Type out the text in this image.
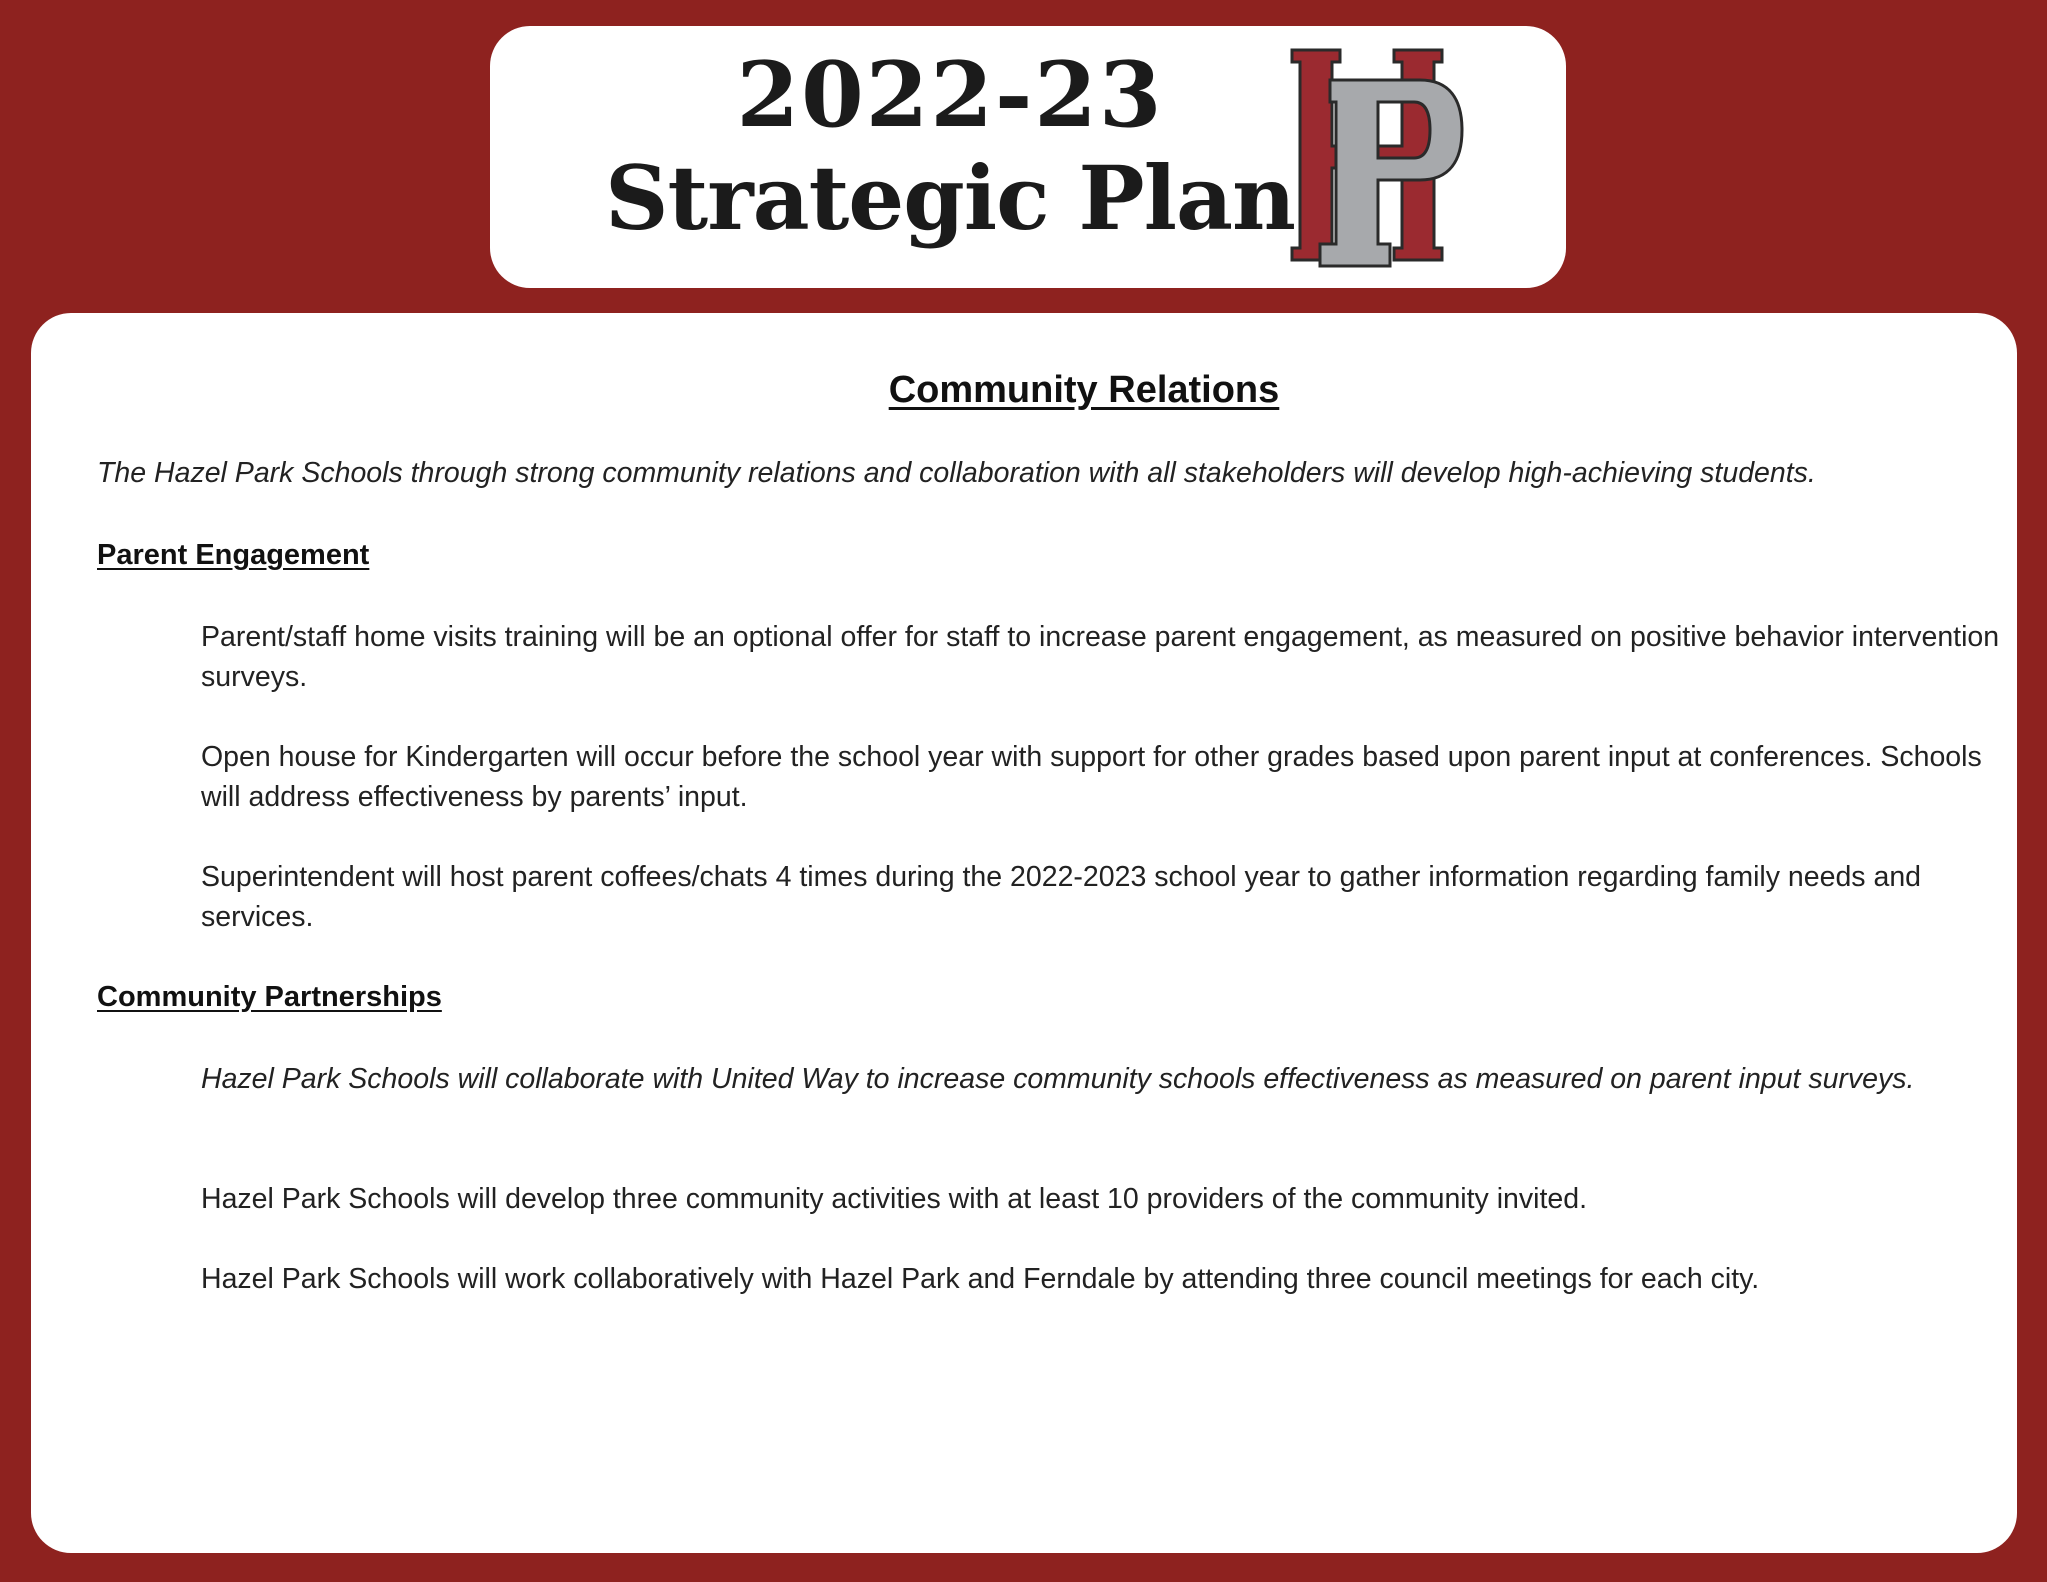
2022-23
Strategic Plan
Community Relations

The Hazel Park Schools through strong community relations and collaboration with all stakeholders will develop high-achieving students.

Parent Engagement

Parent/staff home visits training will be an optional offer for staff to increase parent engagement, as measured on positive behavior intervention surveys.

Open house for Kindergarten will occur before the school year with support for other grades based upon parent input at conferences. Schools will address effectiveness by parents’ input.

Superintendent will host parent coffees/chats 4 times during the 2022-2023 school year to gather information regarding family needs and services.

Community Partnerships

Hazel Park Schools will collaborate with United Way to increase community schools effectiveness as measured on parent input surveys.

Hazel Park Schools will develop three community activities with at least 10 providers of the community invited.

Hazel Park Schools will work collaboratively with Hazel Park and Ferndale by attending three council meetings for each city.
